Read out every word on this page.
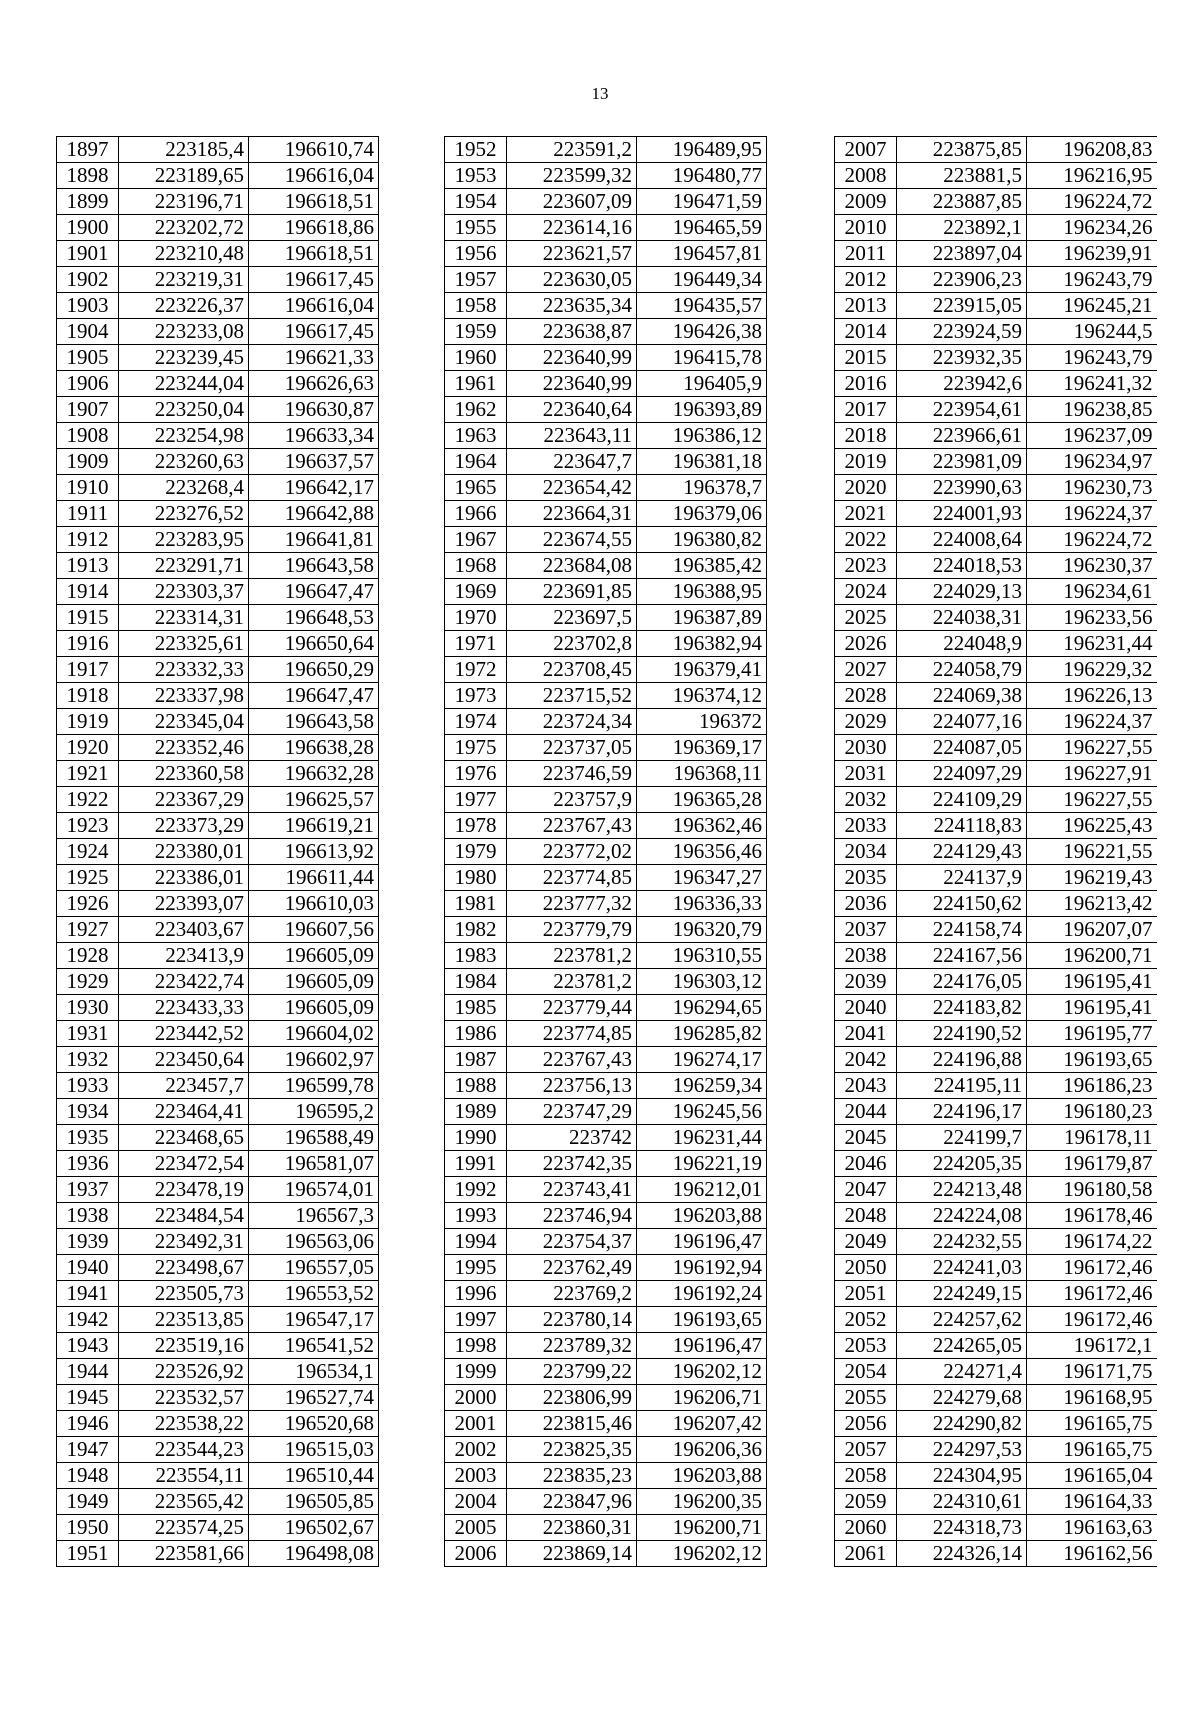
13
1897	223185,4	196610,74
1898	223189,65	196616,04
1899	223196,71	196618,51
1900	223202,72	196618,86
1901	223210,48	196618,51
1902	223219,31	196617,45
1903	223226,37	196616,04
1904	223233,08	196617,45
1905	223239,45	196621,33
1906	223244,04	196626,63
1907	223250,04	196630,87
1908	223254,98	196633,34
1909	223260,63	196637,57
1910	223268,4	196642,17
1911	223276,52	196642,88
1912	223283,95	196641,81
1913	223291,71	196643,58
1914	223303,37	196647,47
1915	223314,31	196648,53
1916	223325,61	196650,64
1917	223332,33	196650,29
1918	223337,98	196647,47
1919	223345,04	196643,58
1920	223352,46	196638,28
1921	223360,58	196632,28
1922	223367,29	196625,57
1923	223373,29	196619,21
1924	223380,01	196613,92
1925	223386,01	196611,44
1926	223393,07	196610,03
1927	223403,67	196607,56
1928	223413,9	196605,09
1929	223422,74	196605,09
1930	223433,33	196605,09
1931	223442,52	196604,02
1932	223450,64	196602,97
1933	223457,7	196599,78
1934	223464,41	196595,2
1935	223468,65	196588,49
1936	223472,54	196581,07
1937	223478,19	196574,01
1938	223484,54	196567,3
1939	223492,31	196563,06
1940	223498,67	196557,05
1941	223505,73	196553,52
1942	223513,85	196547,17
1943	223519,16	196541,52
1944	223526,92	196534,1
1945	223532,57	196527,74
1946	223538,22	196520,68
1947	223544,23	196515,03
1948	223554,11	196510,44
1949	223565,42	196505,85
1950	223574,25	196502,67
1951	223581,66	196498,08
1952	223591,2	196489,95
1953	223599,32	196480,77
1954	223607,09	196471,59
1955	223614,16	196465,59
1956	223621,57	196457,81
1957	223630,05	196449,34
1958	223635,34	196435,57
1959	223638,87	196426,38
1960	223640,99	196415,78
1961	223640,99	196405,9
1962	223640,64	196393,89
1963	223643,11	196386,12
1964	223647,7	196381,18
1965	223654,42	196378,7
1966	223664,31	196379,06
1967	223674,55	196380,82
1968	223684,08	196385,42
1969	223691,85	196388,95
1970	223697,5	196387,89
1971	223702,8	196382,94
1972	223708,45	196379,41
1973	223715,52	196374,12
1974	223724,34	196372
1975	223737,05	196369,17
1976	223746,59	196368,11
1977	223757,9	196365,28
1978	223767,43	196362,46
1979	223772,02	196356,46
1980	223774,85	196347,27
1981	223777,32	196336,33
1982	223779,79	196320,79
1983	223781,2	196310,55
1984	223781,2	196303,12
1985	223779,44	196294,65
1986	223774,85	196285,82
1987	223767,43	196274,17
1988	223756,13	196259,34
1989	223747,29	196245,56
1990	223742	196231,44
1991	223742,35	196221,19
1992	223743,41	196212,01
1993	223746,94	196203,88
1994	223754,37	196196,47
1995	223762,49	196192,94
1996	223769,2	196192,24
1997	223780,14	196193,65
1998	223789,32	196196,47
1999	223799,22	196202,12
2000	223806,99	196206,71
2001	223815,46	196207,42
2002	223825,35	196206,36
2003	223835,23	196203,88
2004	223847,96	196200,35
2005	223860,31	196200,71
2006	223869,14	196202,12
2007	223875,85	196208,83
2008	223881,5	196216,95
2009	223887,85	196224,72
2010	223892,1	196234,26
2011	223897,04	196239,91
2012	223906,23	196243,79
2013	223915,05	196245,21
2014	223924,59	196244,5
2015	223932,35	196243,79
2016	223942,6	196241,32
2017	223954,61	196238,85
2018	223966,61	196237,09
2019	223981,09	196234,97
2020	223990,63	196230,73
2021	224001,93	196224,37
2022	224008,64	196224,72
2023	224018,53	196230,37
2024	224029,13	196234,61
2025	224038,31	196233,56
2026	224048,9	196231,44
2027	224058,79	196229,32
2028	224069,38	196226,13
2029	224077,16	196224,37
2030	224087,05	196227,55
2031	224097,29	196227,91
2032	224109,29	196227,55
2033	224118,83	196225,43
2034	224129,43	196221,55
2035	224137,9	196219,43
2036	224150,62	196213,42
2037	224158,74	196207,07
2038	224167,56	196200,71
2039	224176,05	196195,41
2040	224183,82	196195,41
2041	224190,52	196195,77
2042	224196,88	196193,65
2043	224195,11	196186,23
2044	224196,17	196180,23
2045	224199,7	196178,11
2046	224205,35	196179,87
2047	224213,48	196180,58
2048	224224,08	196178,46
2049	224232,55	196174,22
2050	224241,03	196172,46
2051	224249,15	196172,46
2052	224257,62	196172,46
2053	224265,05	196172,1
2054	224271,4	196171,75
2055	224279,68	196168,95
2056	224290,82	196165,75
2057	224297,53	196165,75
2058	224304,95	196165,04
2059	224310,61	196164,33
2060	224318,73	196163,63
2061	224326,14	196162,56
